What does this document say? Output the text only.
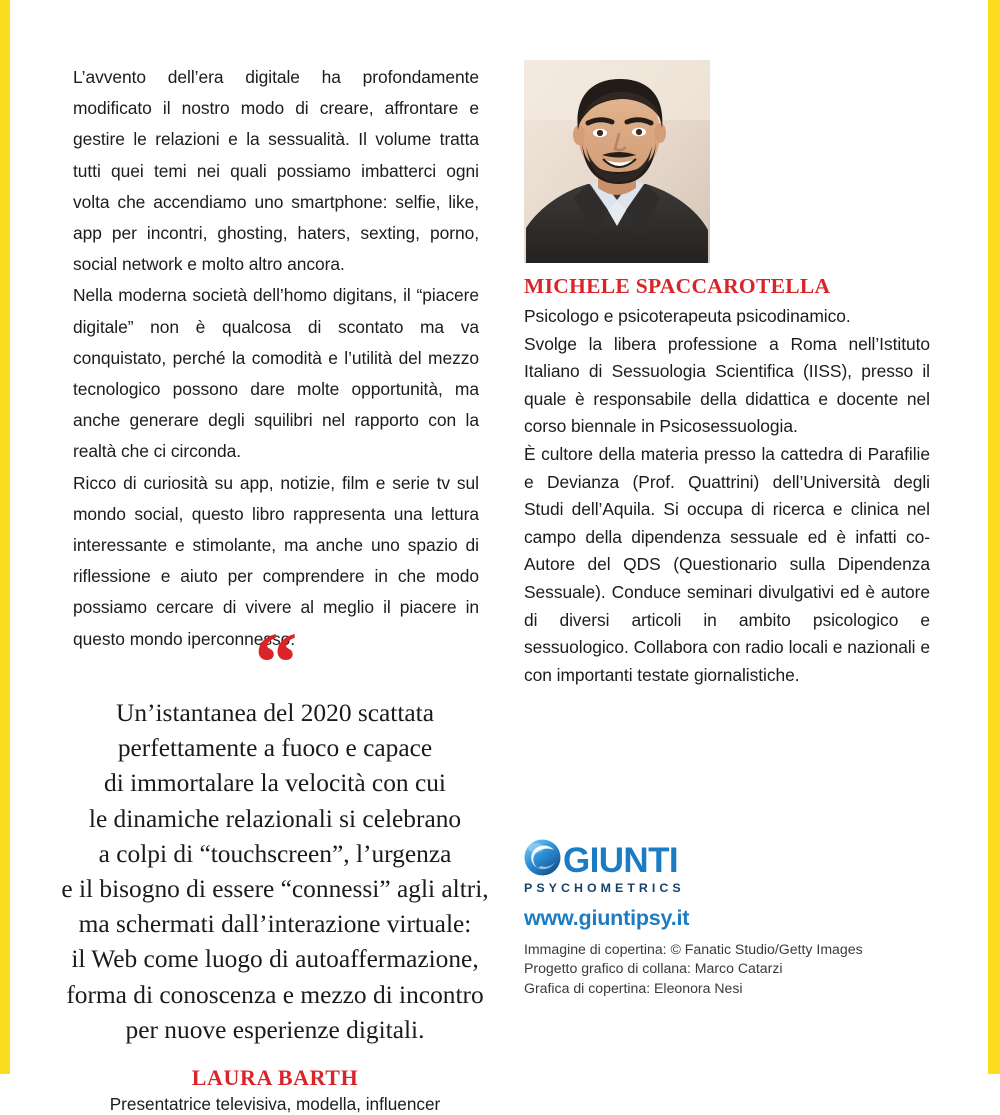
L’avvento dell’era digitale ha profondamente modificato il nostro modo di creare, affrontare e gestire le relazioni e la sessualità. Il volume tratta tutti quei temi nei quali possiamo imbatterci ogni volta che accendiamo uno smartphone: selfie, like, app per incontri, ghosting, haters, sexting, porno, social network e molto altro ancora.

Nella moderna società dell’homo digitans, il “piacere digitale” non è qualcosa di scontato ma va conquistato, perché la comodità e l’utilità del mezzo tecnologico possono dare molte opportunità, ma anche generare degli squilibri nel rapporto con la realtà che ci circonda.

Ricco di curiosità su app, notizie, film e serie tv sul mondo social, questo libro rappresenta una lettura interessante e stimolante, ma anche uno spazio di riflessione e aiuto per comprendere in che modo possiamo cercare di vivere al meglio il piacere in questo mondo iperconnesso.

“

Un’istantanea del 2020 scattata
perfettamente a fuoco e capace
di immortalare la velocità con cui
le dinamiche relazionali si celebrano
a colpi di “touchscreen”, l’urgenza
e il bisogno di essere “connessi” agli altri,
ma schermati dall’interazione virtuale:
il Web come luogo di autoaffermazione,
forma di conoscenza e mezzo di incontro
per nuove esperienze digitali.

LAURA BARTH
Presentatrice televisiva, modella, influencer
MICHELE SPACCAROTELLA

Psicologo e psicoterapeuta psicodinamico.

Svolge la libera professione a Roma nell’Istituto Italiano di Sessuologia Scientifica (IISS), presso il quale è responsabile della didattica e docente nel corso biennale in Psicosessuologia.

È cultore della materia presso la cattedra di Parafilie e Devianza (Prof. Quattrini) dell’Università degli Studi dell’Aquila. Si occupa di ricerca e clinica nel campo della dipendenza sessuale ed è infatti co-Autore del QDS (Questionario sulla Dipendenza Sessuale). Conduce seminari divulgativi ed è autore di diversi articoli in ambito psicologico e sessuologico. Collabora con radio locali e nazionali e con importanti testate giornalistiche.

GIUNTI
PSYCHOMETRICS
www.giuntipsy.it
Immagine di copertina: © Fanatic Studio/Getty Images
Progetto grafico di collana: Marco Catarzi
Grafica di copertina: Eleonora Nesi
